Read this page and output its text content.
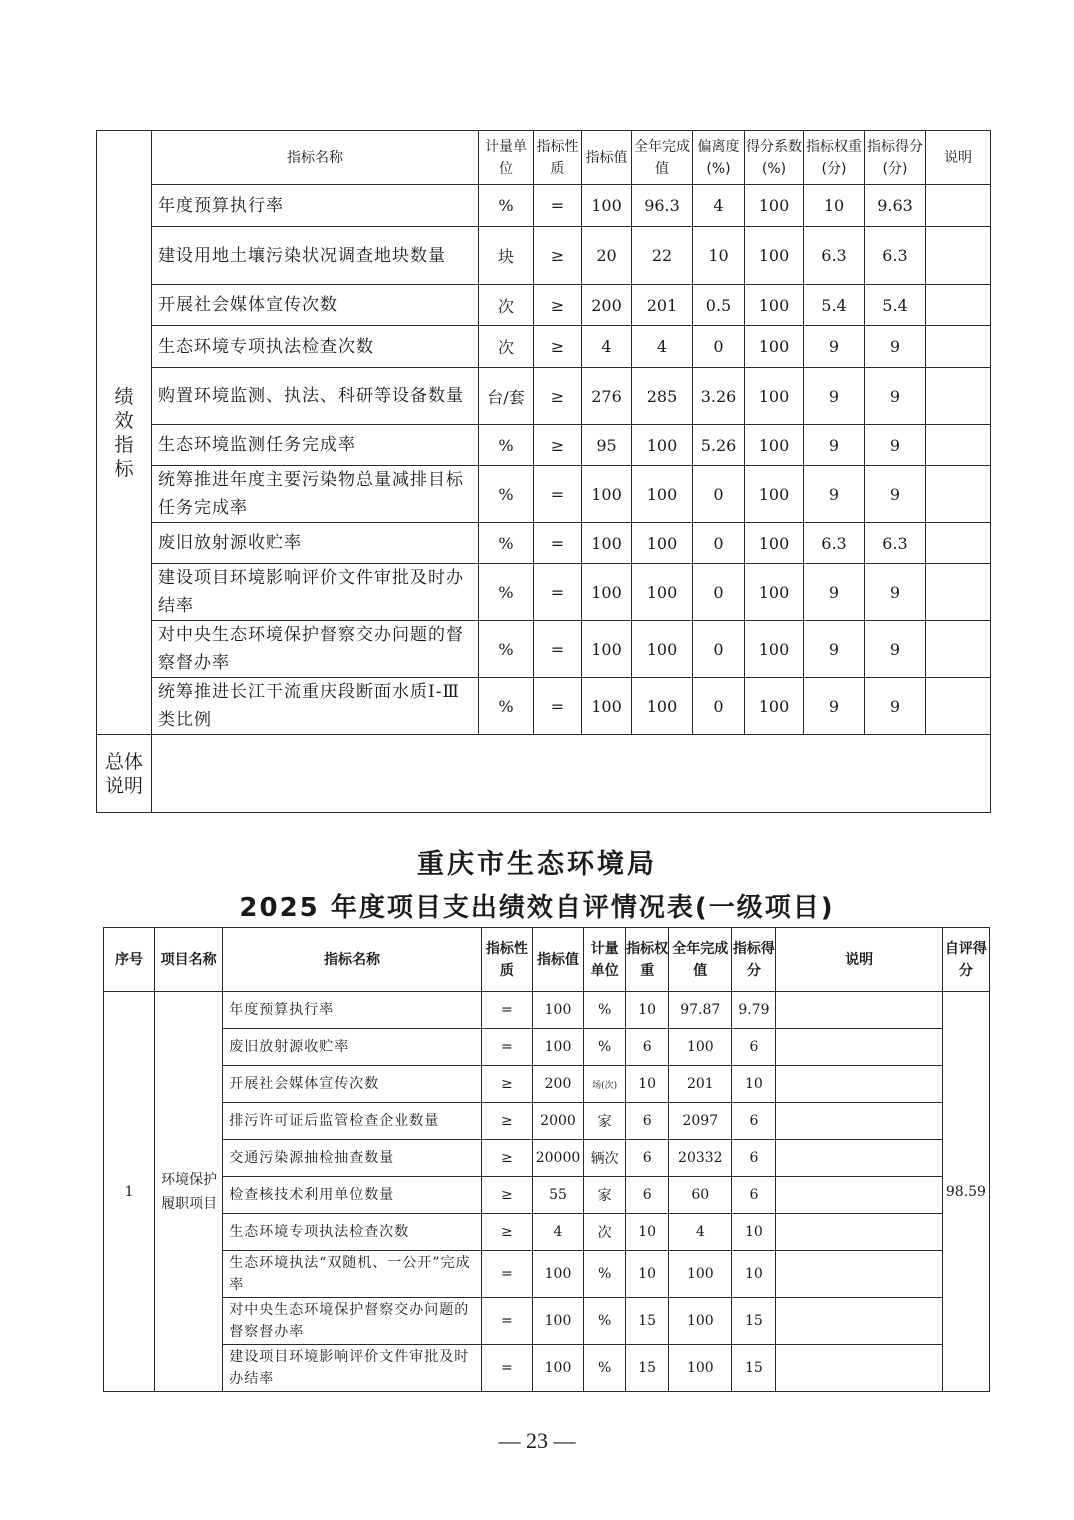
绩效指标	指标名称	计量单位	指标性质	指标值	全年完成值	偏离度(%)	得分系数(%)	指标权重(分)	指标得分(分)	说明
	年度预算执行率	%	=	100	96.3	4	100	10	9.63	
	建设用地土壤污染状况调查地块数量	块	≥	20	22	10	100	6.3	6.3	
	开展社会媒体宣传次数	次	≥	200	201	0.5	100	5.4	5.4	
	生态环境专项执法检查次数	次	≥	4	4	0	100	9	9	
	购置环境监测、执法、科研等设备数量	台/套	≥	276	285	3.26	100	9	9	
	生态环境监测任务完成率	%	≥	95	100	5.26	100	9	9	
	统筹推进年度主要污染物总量减排目标任务完成率	%	=	100	100	0	100	9	9	
	废旧放射源收贮率	%	=	100	100	0	100	6.3	6.3	
	建设项目环境影响评价文件审批及时办结率	%	=	100	100	0	100	9	9	
	对中央生态环境保护督察交办问题的督察督办率	%	=	100	100	0	100	9	9	
	统筹推进长江干流重庆段断面水质Ⅰ-Ⅲ类比例	%	=	100	100	0	100	9	9	

总体说明										

重庆市生态环境局
2025 年度项目支出绩效自评情况表(一级项目)
序号	项目名称	指标名称	指标性质	指标值	计量单位	指标权重	全年完成值	指标得分	说明	自评得分
1	环境保护履职项目	年度预算执行率	=	100	%	10	97.87	9.79		98.59
		废旧放射源收贮率	=	100	%	6	100	6		
		开展社会媒体宣传次数	≥	200	场(次)	10	201	10		
		排污许可证后监管检查企业数量	≥	2000	家	6	2097	6		
		交通污染源抽检抽查数量	≥	20000	辆次	6	20332	6		
		检查核技术利用单位数量	≥	55	家	6	60	6		
		生态环境专项执法检查次数	≥	4	次	10	4	10		
		生态环境执法“双随机、一公开”完成率	=	100	%	10	100	10		
		对中央生态环境保护督察交办问题的督察督办率	=	100	%	15	100	15		
		建设项目环境影响评价文件审批及时办结率	=	100	%	15	100	15		
— 23 —
